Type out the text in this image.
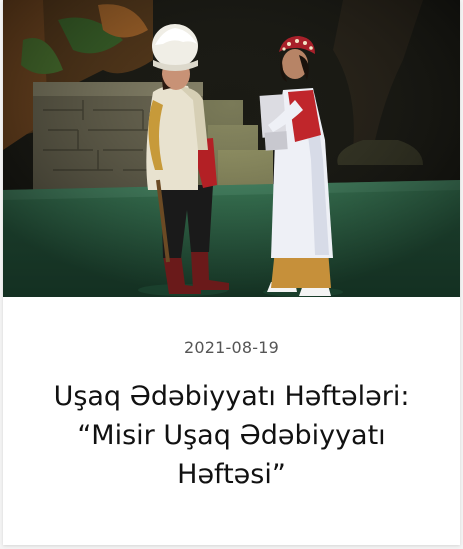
2021-08-19
Uşaq Ədəbiyyatı Həftələri: “Misir Uşaq Ədəbiyyatı Həftəsi”
